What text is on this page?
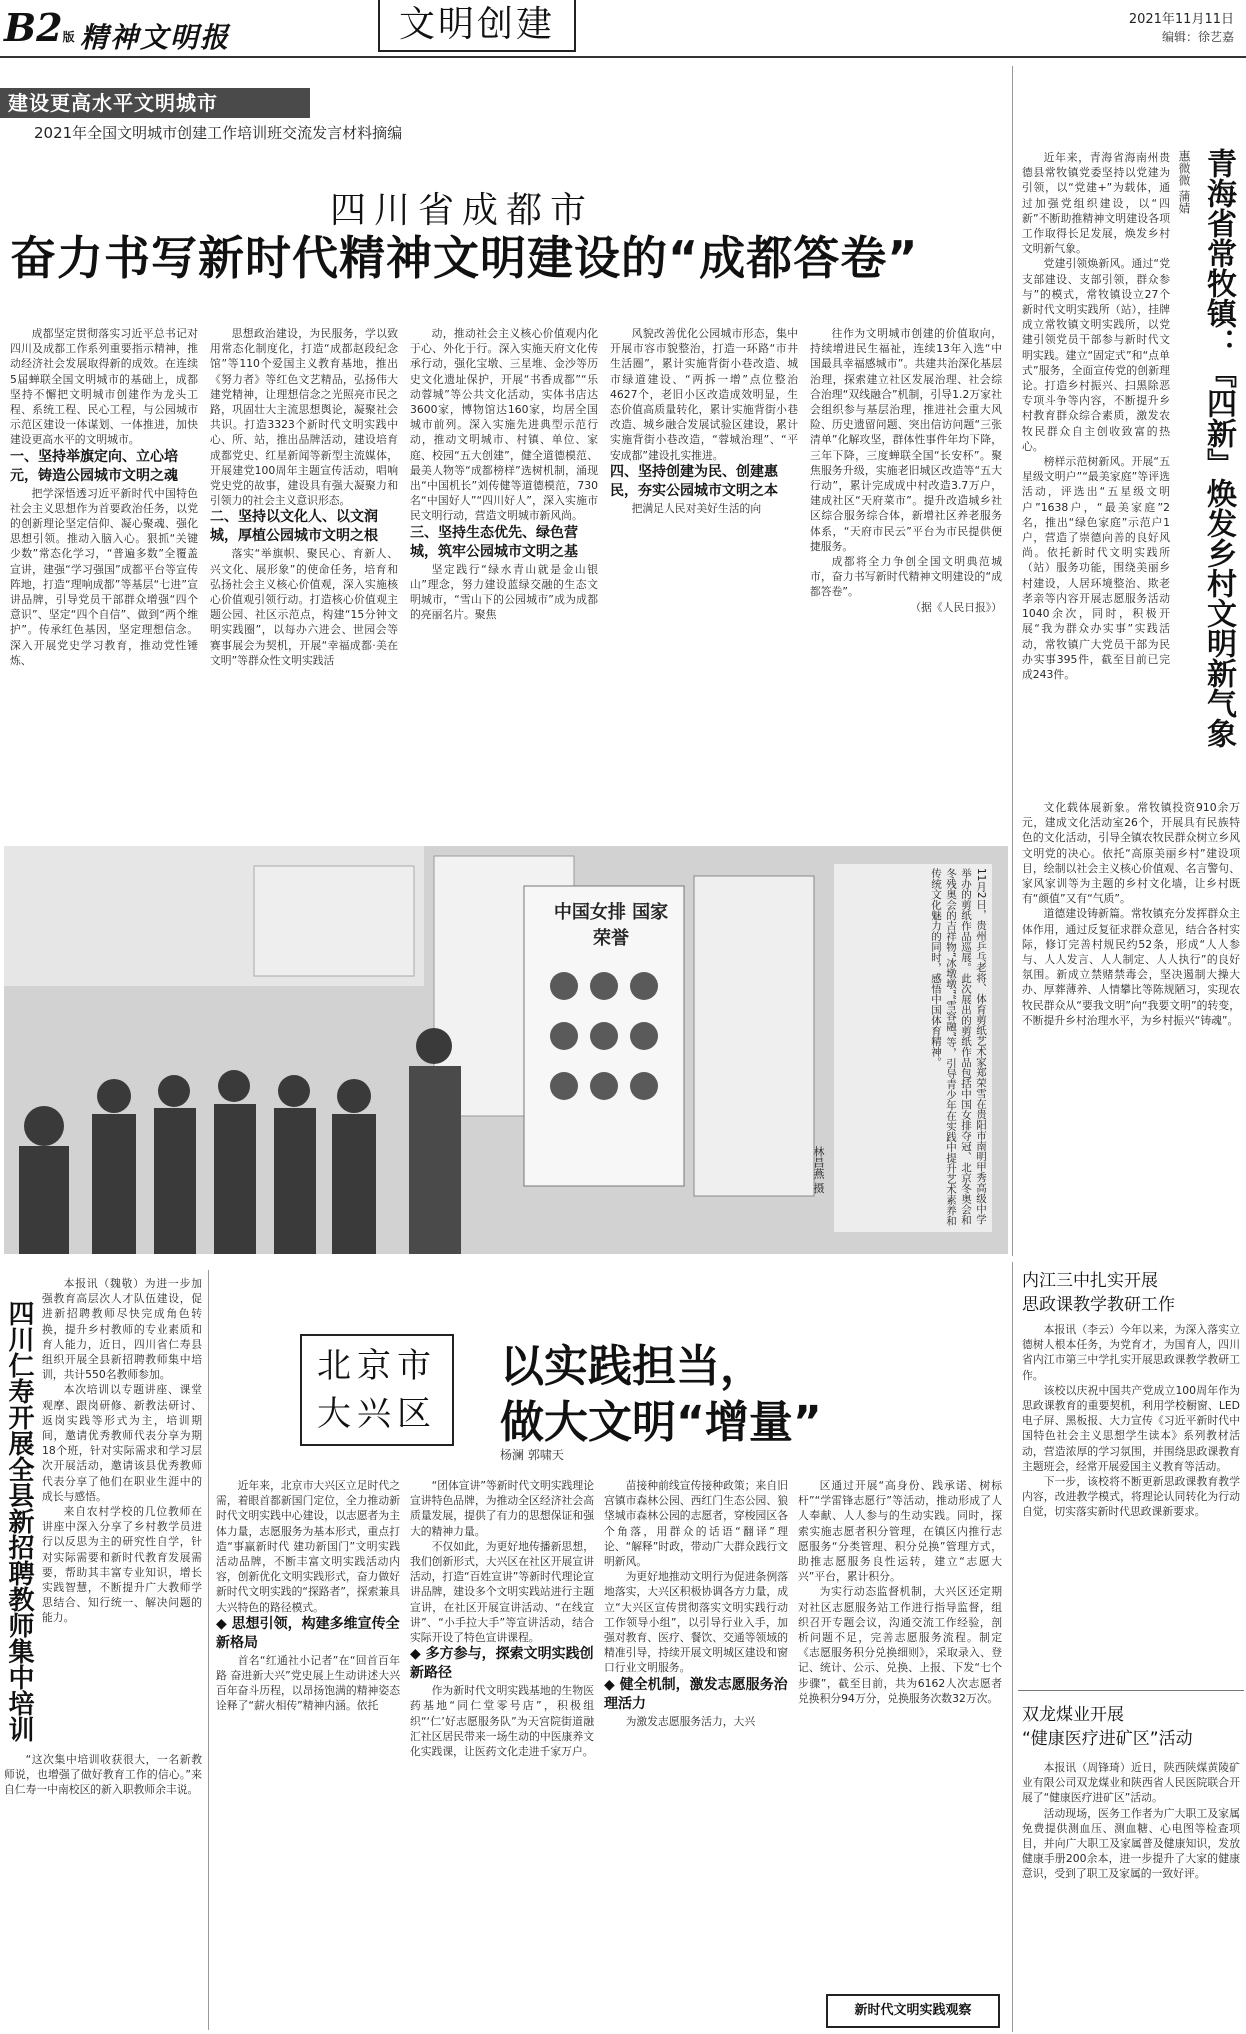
B2版 精神文明报	文明创建	2021年11月11日
编辑：徐艺嘉
建设更高水平文明城市
2021年全国文明城市创建工作培训班交流发言材料摘编
四川省成都市
奋力书写新时代精神文明建设的“成都答卷”

成都坚定贯彻落实习近平总书记对四川及成都工作系列重要指示精神，推动经济社会发展取得新的成效。在连续5届蝉联全国文明城市的基础上，成都坚持不懈把文明城市创建作为龙头工程、系统工程、民心工程，与公园城市示范区建设一体谋划、一体推进，加快建设更高水平的文明城市。

一、坚持举旗定向、立心培元，铸造公园城市文明之魂

把学深悟透习近平新时代中国特色社会主义思想作为首要政治任务，以党的创新理论坚定信仰、凝心聚魂、强化思想引领。推动入脑入心。狠抓“关键少数”常态化学习，“普遍多数”全覆盖宣讲，建强“学习强国”成都平台等宣传阵地，打造“理响成都”等基层“七进”宣讲品牌，引导党员干部群众增强“四个意识”、坚定“四个自信”、做到“两个维护”。传承红色基因，坚定理想信念。深入开展党史学习教育，推动党性锤炼、

思想政治建设，为民服务，学以致用常态化制度化，打造“成都赵段纪念馆”等110个爱国主义教育基地，推出《努力者》等红色文艺精品，弘扬伟大建党精神，让理想信念之光照亮市民之路，巩固壮大主流思想舆论，凝聚社会共识。打造3323个新时代文明实践中心、所、站，推出品牌活动，建设培育成都党史、红星新闻等新型主流媒体，开展建党100周年主题宣传活动，唱响党史党的故事，建设具有强大凝聚力和引领力的社会主义意识形态。

二、坚持以文化人、以文润城，厚植公园城市文明之根

落实“举旗帜、聚民心、育新人、兴文化、展形象”的使命任务，培育和弘扬社会主义核心价值观，深入实施核心价值观引领行动。打造核心价值观主题公园、社区示范点，构建“15分钟文明实践圈”，以每办六进会、世园会等赛事展会为契机，开展“幸福成都·美在文明”等群众性文明实践活

动，推动社会主义核心价值观内化于心、外化于行。深入实施天府文化传承行动，强化宝墩、三星堆、金沙等历史文化遗址保护，开展“书香成都”“乐动蓉城”等公共文化活动，实体书店达3600家，博物馆达160家，均居全国城市前列。深入实施先进典型示范行动，推动文明城市、村镇、单位、家庭、校园“五大创建”，健全道德模范、最美人物等“成都榜样”选树机制，涌现出“中国机长”刘传健等道德模范，730名“中国好人”“四川好人”，深入实施市民文明行动，营造文明城市新风尚。

三、坚持生态优先、绿色营城，筑牢公园城市文明之基

坚定践行“绿水青山就是金山银山”理念，努力建设蓝绿交融的生态文明城市，“雪山下的公园城市”成为成都的亮丽名片。聚焦

风貌改善优化公园城市形态，集中开展市容市貌整治，打造一环路“市井生活圈”，累计实施背街小巷改造、城市绿道建设、“两拆一增”点位整治4627个，老旧小区改造成效明显，生态价值高质量转化，累计实施背街小巷改造、城乡融合发展试验区建设，累计实施背街小巷改造，“蓉城治理”、“平安成都”建设扎实推进。

四、坚持创建为民、创建惠民，夯实公园城市文明之本

把满足人民对美好生活的向

往作为文明城市创建的价值取向，持续增进民生福祉，连续13年入选“中国最具幸福感城市”。共建共治深化基层治理，探索建立社区发展治理、社会综合治理“双线融合”机制，引导1.2万家社会组织参与基层治理，推进社会重大风险、历史遗留问题、突出信访问题“三张清单”化解攻坚，群体性事件年均下降，三年下降，三度蝉联全国“长安杯”。聚焦服务升级，实施老旧城区改造等“五大行动”，累计完成成中村改造3.7万户，建成社区“天府菜市”。提升改造城乡社区综合服务综合体，新增社区养老服务体系，“天府市民云”平台为市民提供便捷服务。

成都将全力争创全国文明典范城市，奋力书写新时代精神文明建设的“成都答卷”。

（据《人民日报》）	青海省常牧镇：『四新』焕发乡村文明新气象
惠微微 蒲婧

近年来，青海省海南州贵德县常牧镇党委坚持以党建为引领，以“党建+”为载体，通过加强党组织建设，以“四新”不断助推精神文明建设各项工作取得长足发展，焕发乡村文明新气象。

党建引领焕新风。通过“党支部建设、支部引领，群众参与”的模式，常牧镇设立27个新时代文明实践所（站），挂牌成立常牧镇文明实践所，以党建引领党员干部参与新时代文明实践。建立“固定式”和“点单式”服务，全面宣传党的创新理论。打造乡村振兴、扫黑除恶专项斗争等内容，不断提升乡村教育群众综合素质，激发农牧民群众自主创收致富的热心。

榜样示范树新风。开展“五星级文明户”“最美家庭”等评选活动，评选出“五星级文明户”1638户，“最美家庭”2名，推出“绿色家庭”示范户1户，营造了崇德向善的良好风尚。依托新时代文明实践所（站）服务功能，围绕美丽乡村建设，人居环境整治、欺老孝亲等内容开展志愿服务活动1040余次，同时，积极开展“我为群众办实事”实践活动，常牧镇广大党员干部为民办实事395件，截至目前已完成243件。

文化载体展新象。常牧镇投资910余万元，建成文化活动室26个，开展具有民族特色的文化活动，引导全镇农牧民群众树立乡风文明党的决心。依托“高原美丽乡村”建设项目，绘制以社会主义核心价值观、名言警句、家风家训等为主题的乡村文化墙，让乡村既有“颜值”又有“气质”。

道德建设铸新篇。常牧镇充分发挥群众主体作用，通过反复征求群众意见，结合各村实际，修订完善村规民约52条，形成“人人参与、人人发言、人人制定、人人执行”的良好氛围。新成立禁赌禁毒会，坚决遏制大操大办、厚葬薄养、人情攀比等陈规陋习，实现农牧民群众从“要我文明”向“我要文明”的转变，不断提升乡村治理水平，为乡村振兴“铸魂”。

中国女排 国家荣誉	11月2日，贵州乒乓老将、体育剪纸艺术家郑荣雪在贵阳市南明甲秀高级中学举办的剪纸作品巡展。此次展出的剪纸作品包括中国女排夺冠、北京冬奥会和冬残奥会的吉祥物“冰墩墩”“雪容融”等，引导青少年在实践中提升艺术素养和传统文化魅力的同时，感悟中国体育精神。
林昌燕 摄
四川仁寿开展全县新招聘教师集中培训

本报讯（魏敬）为进一步加强教育高层次人才队伍建设，促进新招聘教师尽快完成角色转换，提升乡村教师的专业素质和育人能力，近日，四川省仁寿县组织开展全县新招聘教师集中培训，共计550名教师参加。

本次培训以专题讲座、课堂观摩、跟岗研修、新教法研讨、返岗实践等形式为主，培训期间，邀请优秀教师代表分享为期18个班，针对实际需求和学习层次开展活动，邀请该县优秀教师代表分享了他们在职业生涯中的成长与感悟。

来自农村学校的几位教师在讲座中深入分享了乡村教学员进行以反思为主的研究性自学，针对实际需要和新时代教育发展需要，帮助其丰富专业知识，增长实践智慧，不断提升广大教师学思结合、知行统一、解决问题的能力。

“这次集中培训收获很大，一名新教师说，也增强了做好教育工作的信心。”来自仁寿一中南校区的新入职教师余丰说。

北京市大兴区
以实践担当，
做大文明“增量”
杨澜 郭啸天

近年来，北京市大兴区立足时代之需，着眼首都新国门定位，全力推动新时代文明实践中心建设，以志愿者为主体力量，志愿服务为基本形式，重点打造“事赢新时代 建功新国门”文明实践活动品牌，不断丰富文明实践活动内容，创新优化文明实践形式，奋力做好新时代文明实践的“探路者”，探索兼具大兴特色的路径模式。

◆ 思想引领，构建多维宣传全新格局

首名“红通社小记者”在“回首百年路 奋进新大兴”党史展上生动讲述大兴百年奋斗历程，以昂扬饱满的精神姿态诠释了“薪火相传”精神内涵。依托

“团体宣讲”等新时代文明实践理论宣讲特色品牌，为推动全区经济社会高质量发展，提供了有力的思想保证和强大的精神力量。

不仅如此，为更好地传播新思想，我们创新形式，大兴区在社区开展宣讲活动，打造“百姓宣讲”等新时代理论宣讲品牌，建设多个文明实践站进行主题宣讲，在社区开展宣讲活动、“在线宣讲”、“小手拉大手”等宣讲活动，结合实际开设了特色宣讲课程。

◆ 多方参与，探索文明实践创新路径

作为新时代文明实践基地的生物医药基地“同仁堂零号店”，积极组织“‘仁’好志愿服务队”为天宫院街道融汇社区居民带来一场生动的中医康养文化实践课，让医药文化走进千家万户。

苗接种前线宣传接种政策；来自旧宫镇市森林公园、西红门生态公园、狼垡城市森林公园的志愿者，穿梭园区各个角落，用群众的话语“翻译”理论、“解释”时政，带动广大群众践行文明新风。

为更好地推动文明行为促进条例落地落实，大兴区积极协调各方力量，成立“大兴区宣传贯彻落实文明实践行动工作领导小组”，以引导行业入手，加强对教育、医疗、餐饮、交通等领域的精准引导，持续开展文明城区建设和窗口行业文明服务。

◆ 健全机制，激发志愿服务治理活力

为激发志愿服务活力，大兴

区通过开展“高身份、践承诺、树标杆”“学雷锋志愿行”等活动，推动形成了人人奉献、人人参与的生动实践。同时，探索实施志愿者积分管理，在镇区内推行志愿服务“分类管理、积分兑换”管理方式，助推志愿服务良性运转，建立“志愿大兴”平台，累计积分。

为实行动态监督机制，大兴区还定期对社区志愿服务站工作进行指导监督，组织召开专题会议，沟通交流工作经验，剖析问题不足，完善志愿服务流程。制定《志愿服务积分兑换细则》，采取录入、登记、统计、公示、兑换、上报、下发“七个步骤”，截至目前，共为6162人次志愿者兑换积分94万分，兑换服务次数32万次。

新时代文明实践观察
内江三中扎实开展
思政课教学教研工作

本报讯（李云）今年以来，为深入落实立德树人根本任务，为党育才，为国育人，四川省内江市第三中学扎实开展思政课教学教研工作。

该校以庆祝中国共产党成立100周年作为思政课教育的重要契机，利用学校橱窗、LED电子屏、黑板报、大力宣传《习近平新时代中国特色社会主义思想学生读本》系列教材活动，营造浓厚的学习氛围，并围绕思政课教育主题班会，经常开展爱国主义教育等活动。

下一步，该校将不断更新思政课教育教学内容，改进教学模式，将理论认同转化为行动自觉，切实落实新时代思政课新要求。

双龙煤业开展
“健康医疗进矿区”活动

本报讯（周锋琦）近日，陕西陕煤黄陵矿业有限公司双龙煤业和陕西省人民医院联合开展了“健康医疗进矿区”活动。

活动现场，医务工作者为广大职工及家属免费提供测血压、测血糖、心电图等检查项目，并向广大职工及家属普及健康知识，发放健康手册200余本，进一步提升了大家的健康意识，受到了职工及家属的一致好评。
